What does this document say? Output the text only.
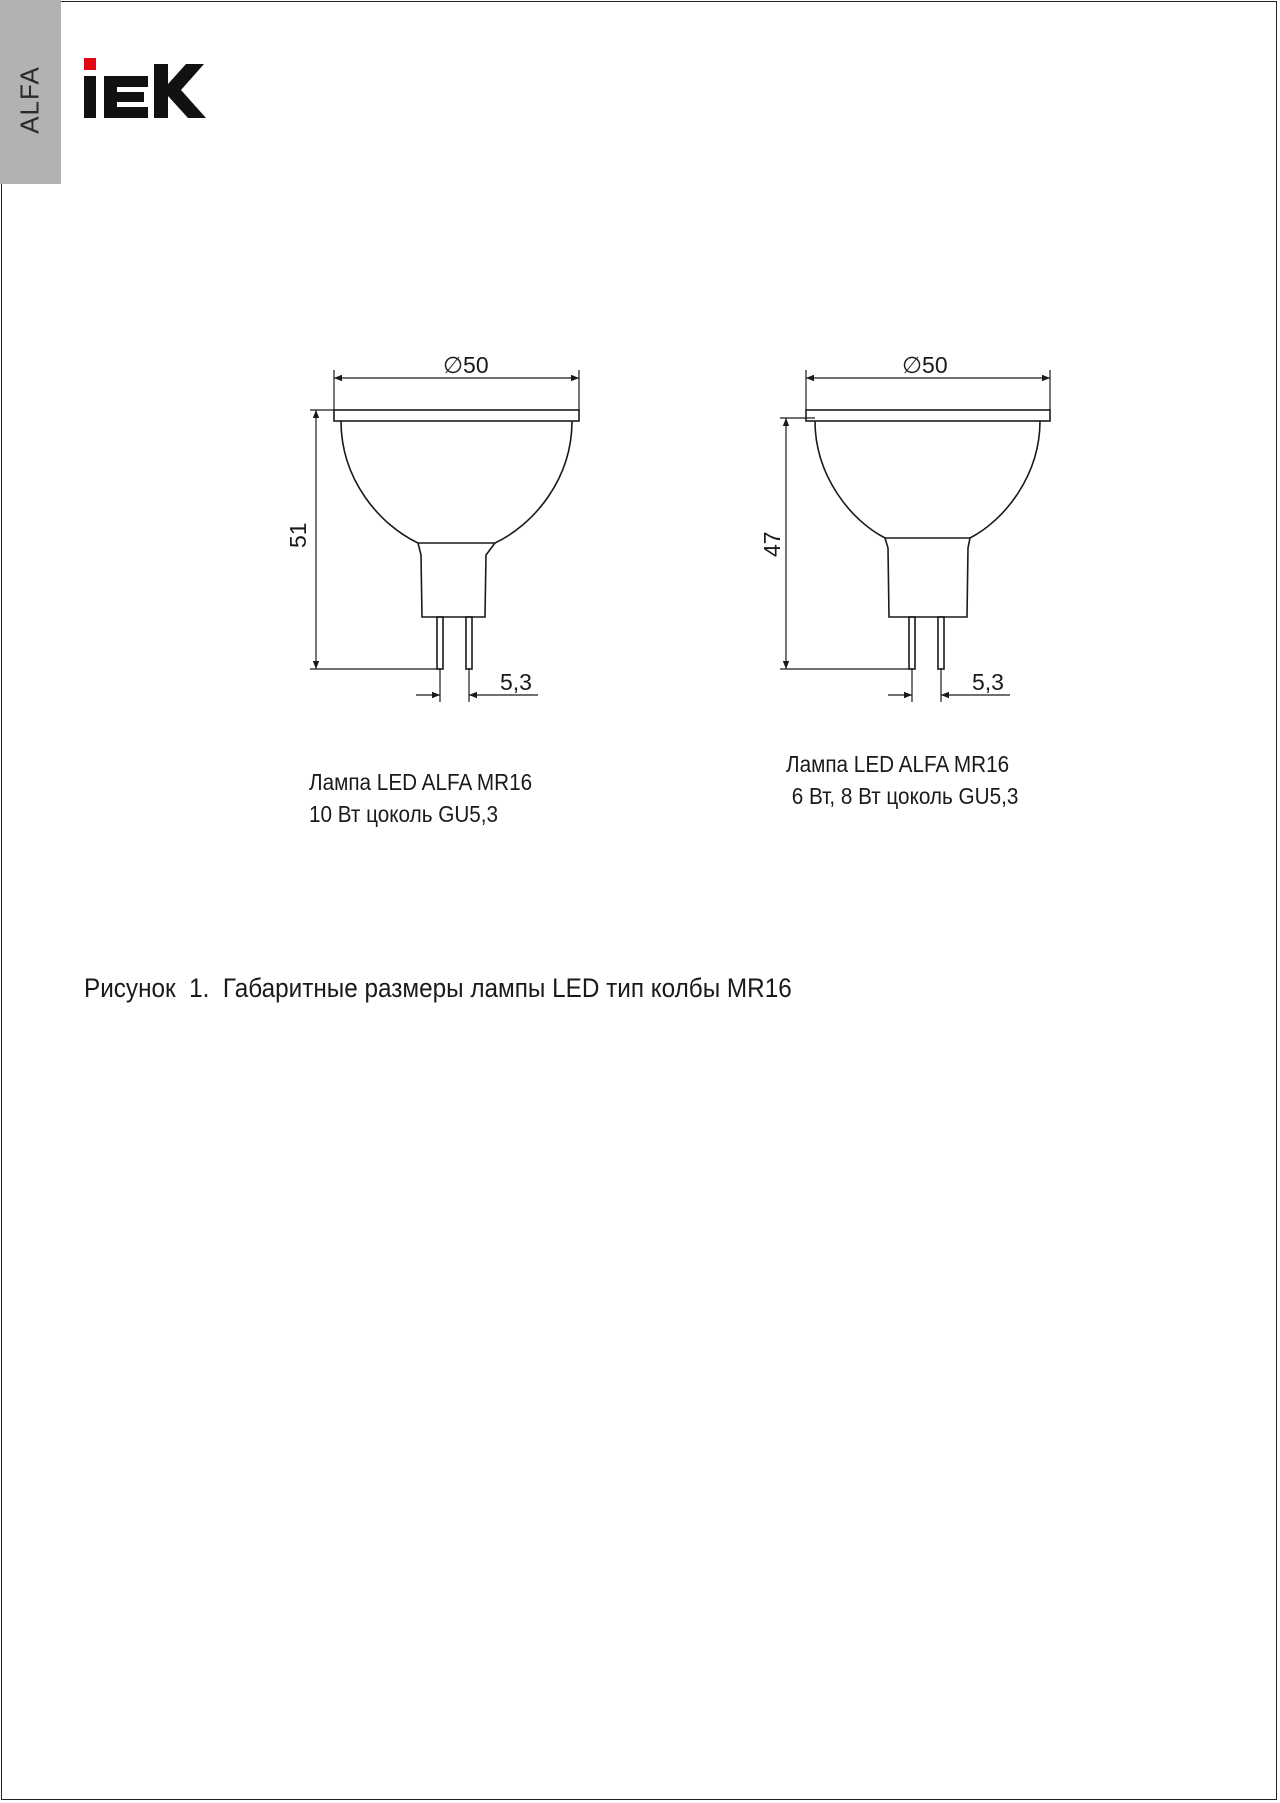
ALFA
∅50
51
5,3
∅50
47
5,3
Лампа LED ALFA MR16
10 Вт цоколь GU5,3
Лампа LED ALFA MR16
6 Вт, 8 Вт цоколь GU5,3
Рисунок  1.  Габаритные размеры лампы LED тип колбы MR16
